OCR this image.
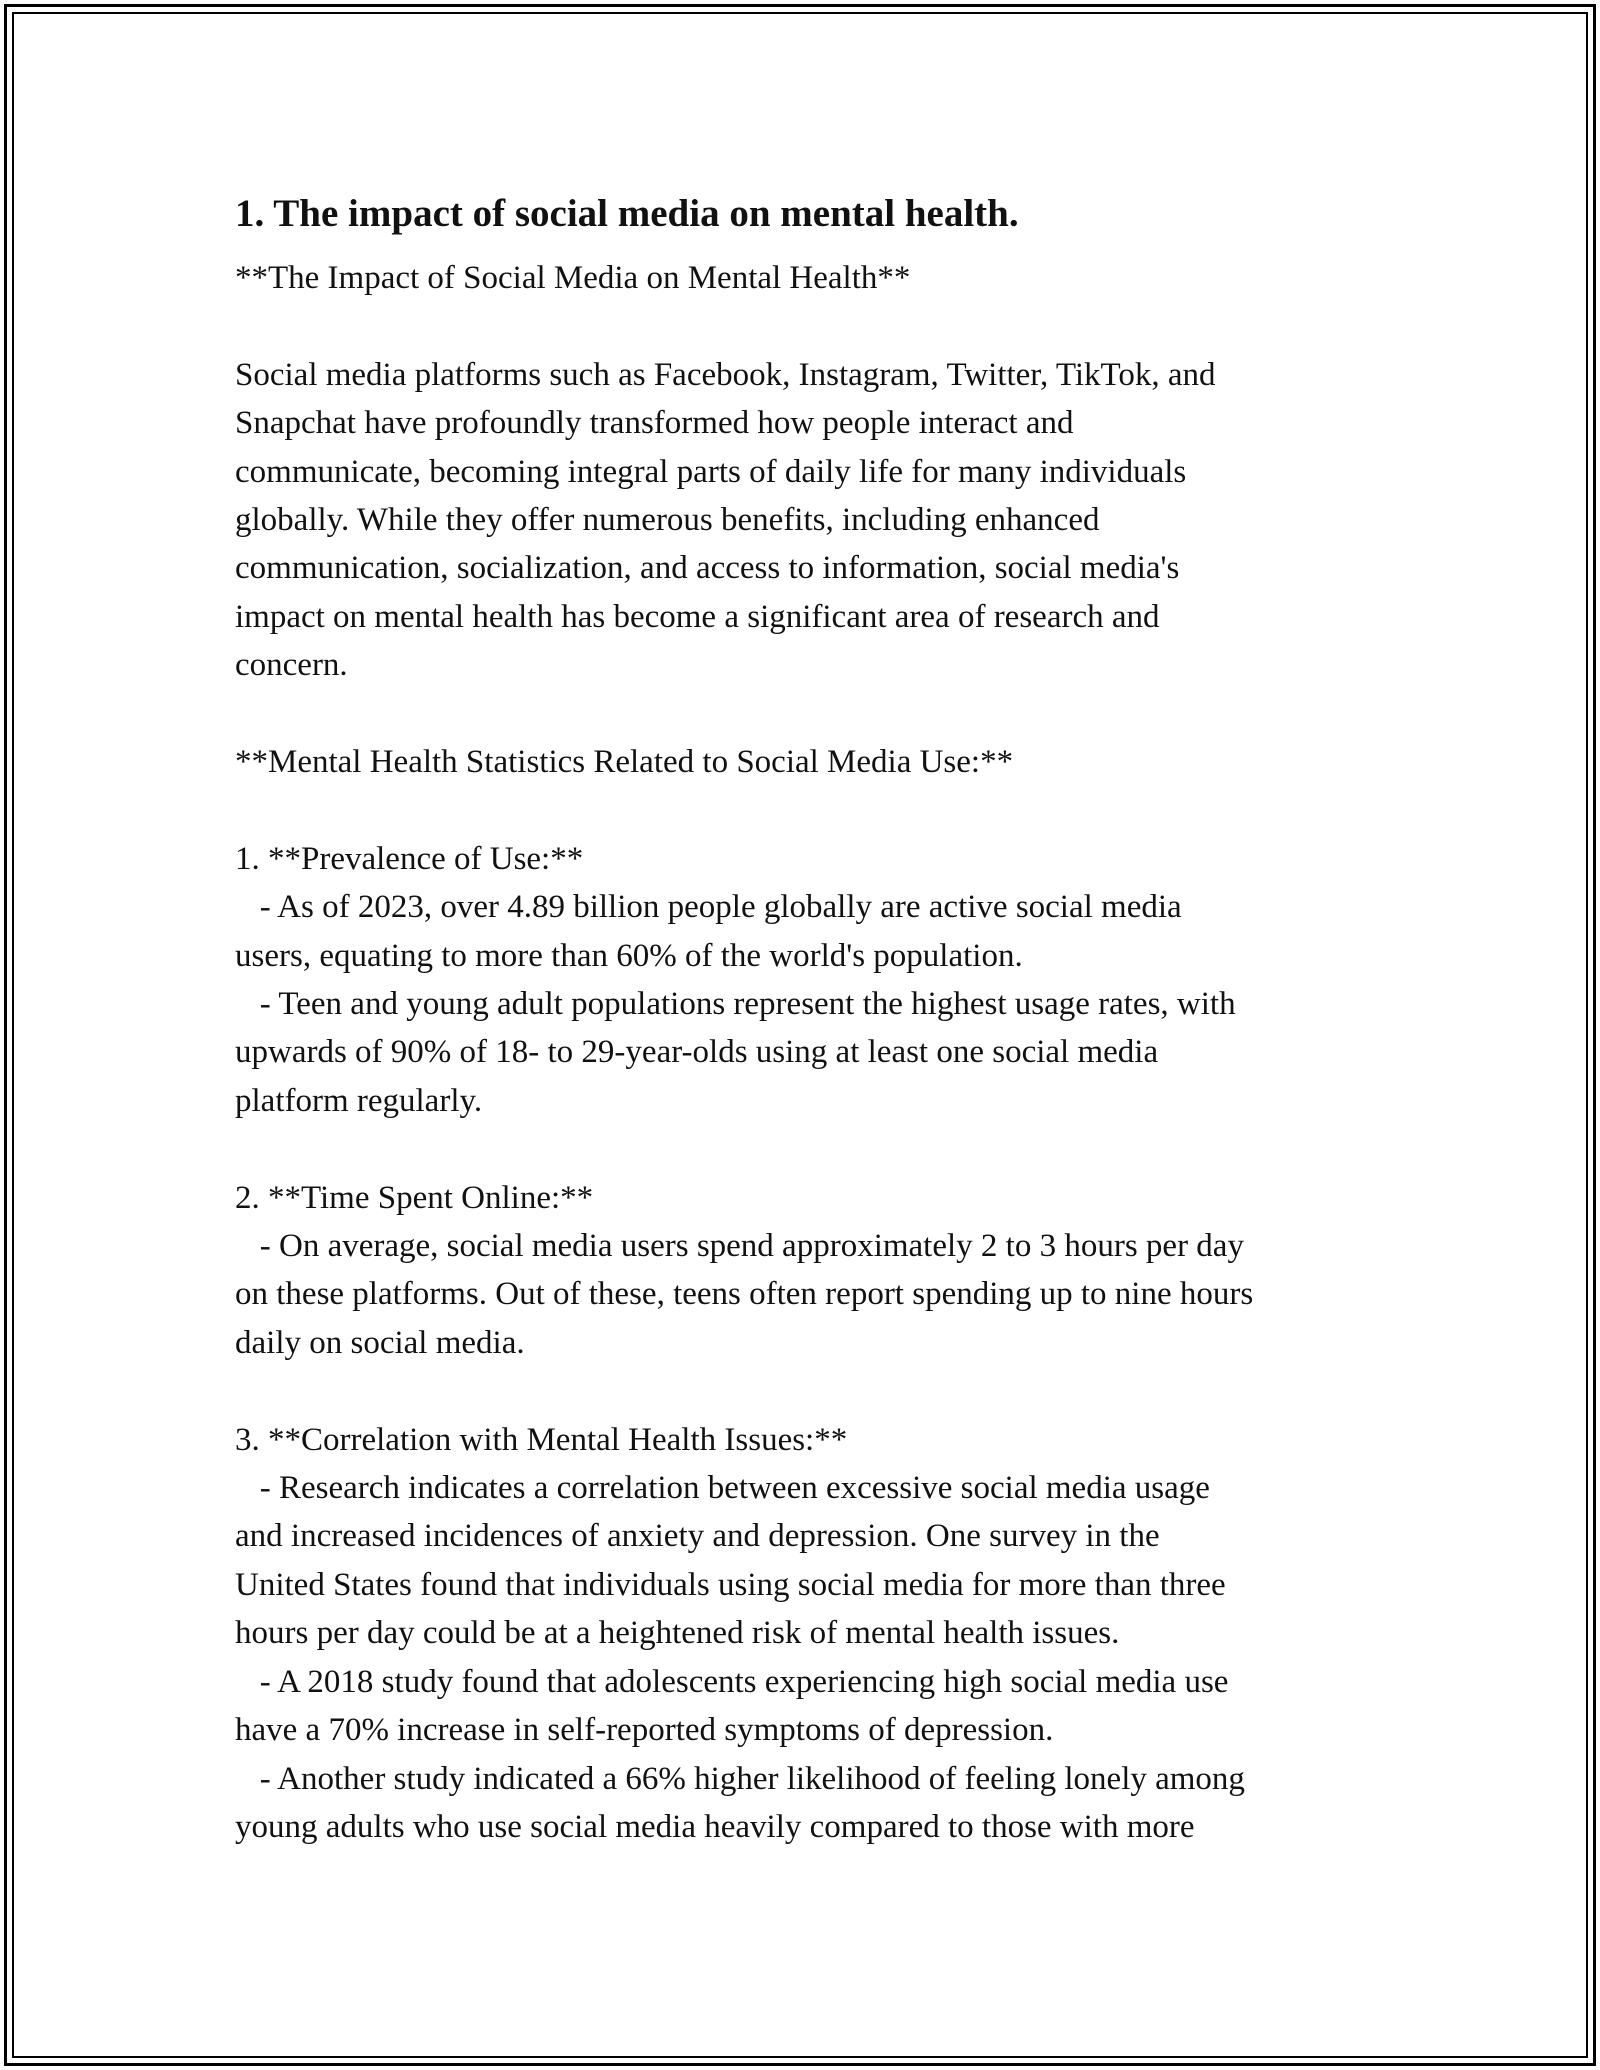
1. The impact of social media on mental health.
**The Impact of Social Media on Mental Health**
Social media platforms such as Facebook, Instagram, Twitter, TikTok, and
Snapchat have profoundly transformed how people interact and
communicate, becoming integral parts of daily life for many individuals
globally. While they offer numerous benefits, including enhanced
communication, socialization, and access to information, social media's
impact on mental health has become a significant area of research and
concern.
**Mental Health Statistics Related to Social Media Use:**
1. **Prevalence of Use:**
- As of 2023, over 4.89 billion people globally are active social media
users, equating to more than 60% of the world's population.
- Teen and young adult populations represent the highest usage rates, with
upwards of 90% of 18- to 29-year-olds using at least one social media
platform regularly.
2. **Time Spent Online:**
- On average, social media users spend approximately 2 to 3 hours per day
on these platforms. Out of these, teens often report spending up to nine hours
daily on social media.
3. **Correlation with Mental Health Issues:**
- Research indicates a correlation between excessive social media usage
and increased incidences of anxiety and depression. One survey in the
United States found that individuals using social media for more than three
hours per day could be at a heightened risk of mental health issues.
- A 2018 study found that adolescents experiencing high social media use
have a 70% increase in self-reported symptoms of depression.
- Another study indicated a 66% higher likelihood of feeling lonely among
young adults who use social media heavily compared to those with more
